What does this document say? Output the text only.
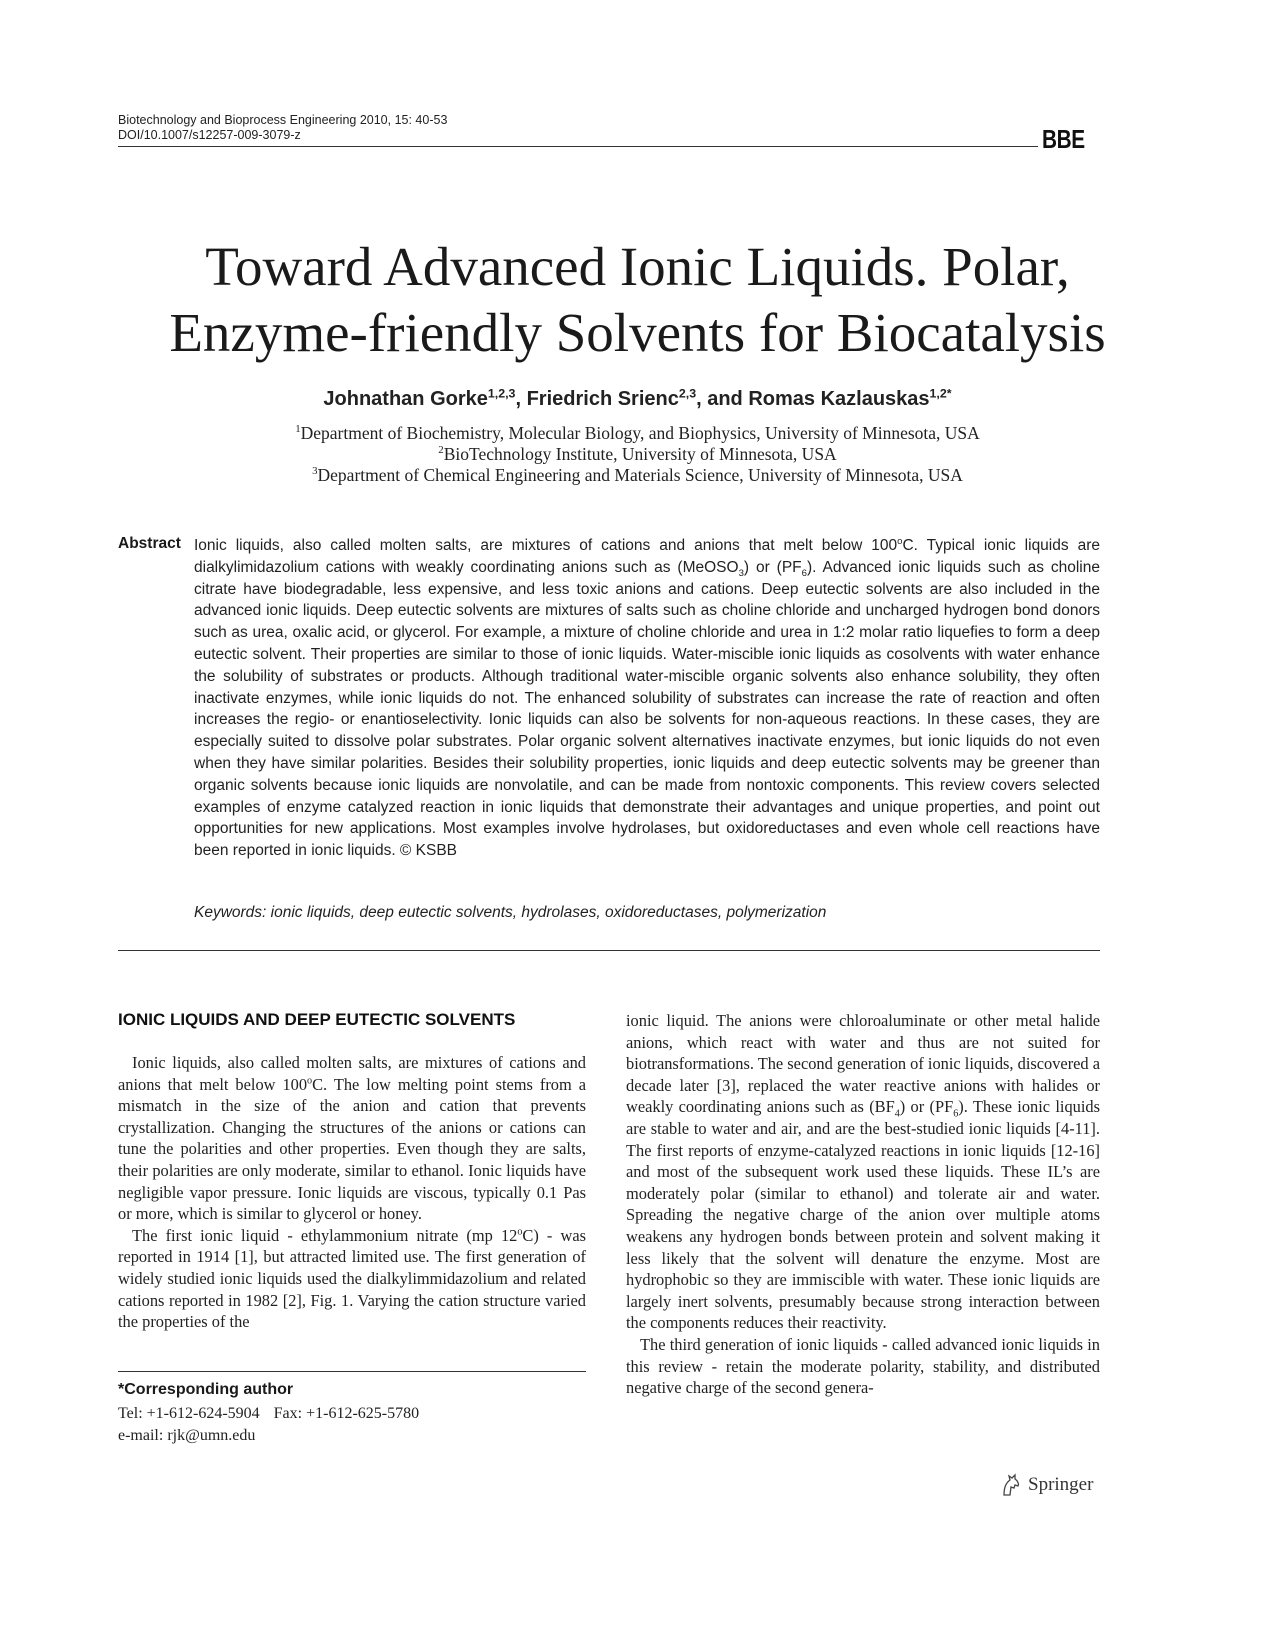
Biotechnology and Bioprocess Engineering 2010, 15: 40-53
DOI/10.1007/s12257-009-3079-z	BBE
Toward Advanced Ionic Liquids. Polar,
Enzyme-friendly Solvents for Biocatalysis
Johnathan Gorke$^{1,2,3}$, Friedrich Srienc$^{2,3}$, and Romas Kazlauskas$^{1,2*}$
$^1$Department of Biochemistry, Molecular Biology, and Biophysics, University of Minnesota, USA
$^2$BioTechnology Institute, University of Minnesota, USA
$^3$Department of Chemical Engineering and Materials Science, University of Minnesota, USA
Abstract Ionic liquids, also called molten salts, are mixtures of cations and anions that melt below 100$^o$C. Typical ionic liquids are dialkylimidazolium cations with weakly coordinating anions such as (MeOSO$_3$) or $(PF_6)$. Advanced ionic liquids such as choline citrate have biodegradable, less expensive, and less toxic anions and cations. Deep eutectic solvents are also included in the advanced ionic liquids. Deep eutectic solvents are mixtures of salts such as choline chloride and uncharged hydrogen bond donors such as urea, oxalic acid, or glycerol. For example, a mixture of choline chloride and urea in 1:2 molar ratio liquefies to form a deep eutectic solvent. Their properties are similar to those of ionic liquids. Water-miscible ionic liquids as cosolvents with water enhance the solubility of substrates or products. Although traditional water-miscible organic solvents also enhance solubility, they often inactivate enzymes, while ionic liquids do not. The enhanced solubility of substrates can increase the rate of reaction and often increases the regio- or enantioselectivity. Ionic liquids can also be solvents for non-aqueous reactions. In these cases, they are especially suited to dissolve polar substrates. Polar organic solvent alternatives inactivate enzymes, but ionic liquids do not even when they have similar polarities. Besides their solubility properties, ionic liquids and deep eutectic solvents may be greener than organic solvents because ionic liquids are nonvolatile, and can be made from nontoxic components. This review covers selected examples of enzyme catalyzed reaction in ionic liquids that demonstrate their advantages and unique properties, and point out opportunities for new applications. Most examples involve hydrolases, but oxidoreductases and even whole cell reactions have been reported in ionic liquids. © KSBB
Keywords: ionic liquids, deep eutectic solvents, hydrolases, oxidoreductases, polymerization
IONIC LIQUIDS AND DEEP EUTECTIC SOLVENTS

Ionic liquids, also called molten salts, are mixtures of cations and anions that melt below 100$^o$C. The low melting point stems from a mismatch in the size of the anion and cation that prevents crystallization. Changing the structures of the anions or cations can tune the polarities and other properties. Even though they are salts, their polarities are only moderate, similar to ethanol. Ionic liquids have negligible vapor pressure. Ionic liquids are viscous, typically 0.1 Pas or more, which is similar to glycerol or honey.

The first ionic liquid - ethylammonium nitrate (mp 12$^o$C) - was reported in 1914 [1], but attracted limited use. The first generation of widely studied ionic liquids used the dialkylimmidazolium and related cations reported in 1982 [2], Fig. 1. Varying the cation structure varied the properties of the

*Corresponding author
Tel: +1-612-624-5904 Fax: +1-612-625-5780
e-mail: rjk@umn.edu

ionic liquid. The anions were chloroaluminate or other metal halide anions, which react with water and thus are not suited for biotransformations. The second generation of ionic liquids, discovered a decade later [3], replaced the water reactive anions with halides or weakly coordinating anions such as $(BF_4)$ or $(PF_6)$. These ionic liquids are stable to water and air, and are the best-studied ionic liquids [4-11]. The first reports of enzyme-catalyzed reactions in ionic liquids [12-16] and most of the subsequent work used these liquids. These IL’s are moderately polar (similar to ethanol) and tolerate air and water. Spreading the negative charge of the anion over multiple atoms weakens any hydrogen bonds between protein and solvent making it less likely that the solvent will denature the enzyme. Most are hydrophobic so they are immiscible with water. These ionic liquids are largely inert solvents, presumably because strong interaction between the components reduces their reactivity.

The third generation of ionic liquids - called advanced ionic liquids in this review - retain the moderate polarity, stability, and distributed negative charge of the second genera-

Springer
